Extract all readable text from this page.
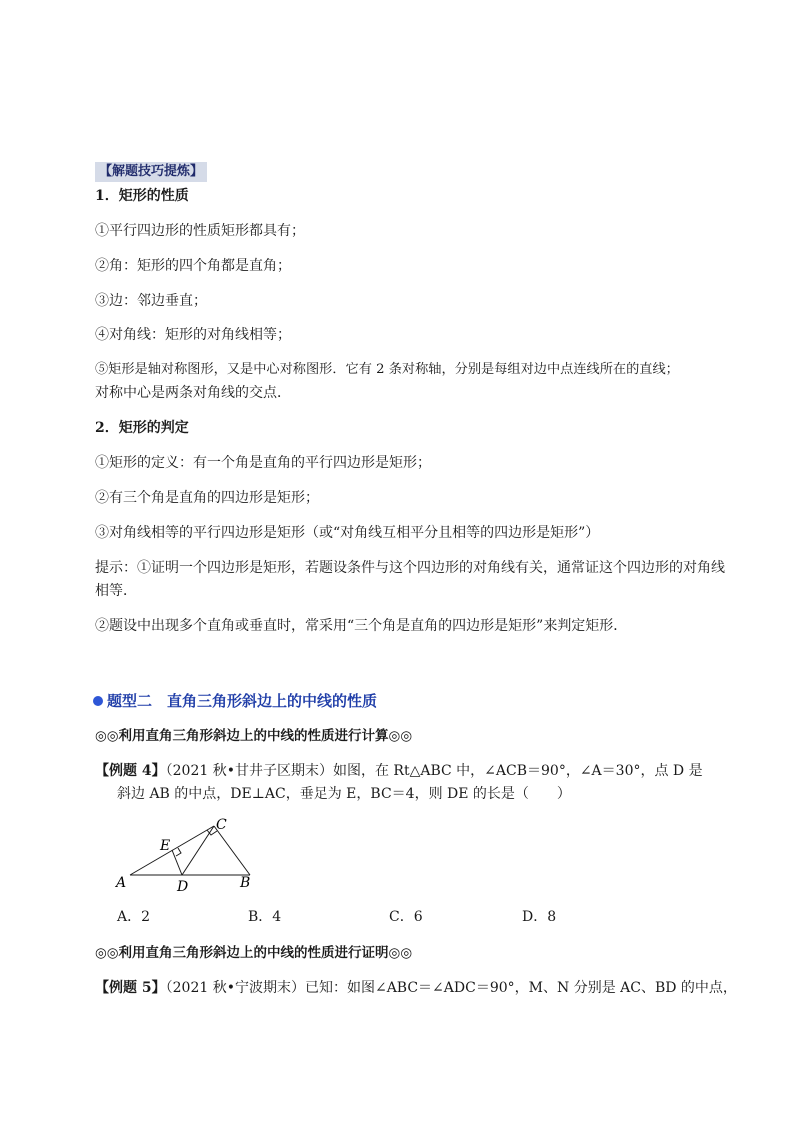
【解题技巧提炼】
1．矩形的性质
①平行四边形的性质矩形都具有；
②角：矩形的四个角都是直角；
③边：邻边垂直；
④对角线：矩形的对角线相等；
⑤矩形是轴对称图形，又是中心对称图形．它有 2 条对称轴，分别是每组对边中点连线所在的直线；
对称中心是两条对角线的交点．
2．矩形的判定
①矩形的定义：有一个角是直角的平行四边形是矩形；
②有三个角是直角的四边形是矩形；
③对角线相等的平行四边形是矩形（或“对角线互相平分且相等的四边形是矩形”）
提示：①证明一个四边形是矩形，若题设条件与这个四边形的对角线有关，通常证这个四边形的对角线
相等．
②题设中出现多个直角或垂直时，常采用“三个角是直角的四边形是矩形”来判定矩形．
题型二　直角三角形斜边上的中线的性质
◎◎利用直角三角形斜边上的中线的性质进行计算◎◎
【例题 4】（2021 秋•甘井子区期末）如图，在 Rt△ABC 中，∠ACB＝90°，∠A＝30°，点 D 是
斜边 AB 的中点，DE⊥AC，垂足为 E，BC＝4，则 DE 的长是（　　）
A	B
C
D
E
A．2	B．4	C．6	D．8
◎◎利用直角三角形斜边上的中线的性质进行证明◎◎
【例题 5】（2021 秋•宁波期末）已知：如图∠ABC＝∠ADC＝90°，M、N 分别是 AC、BD 的中点，
